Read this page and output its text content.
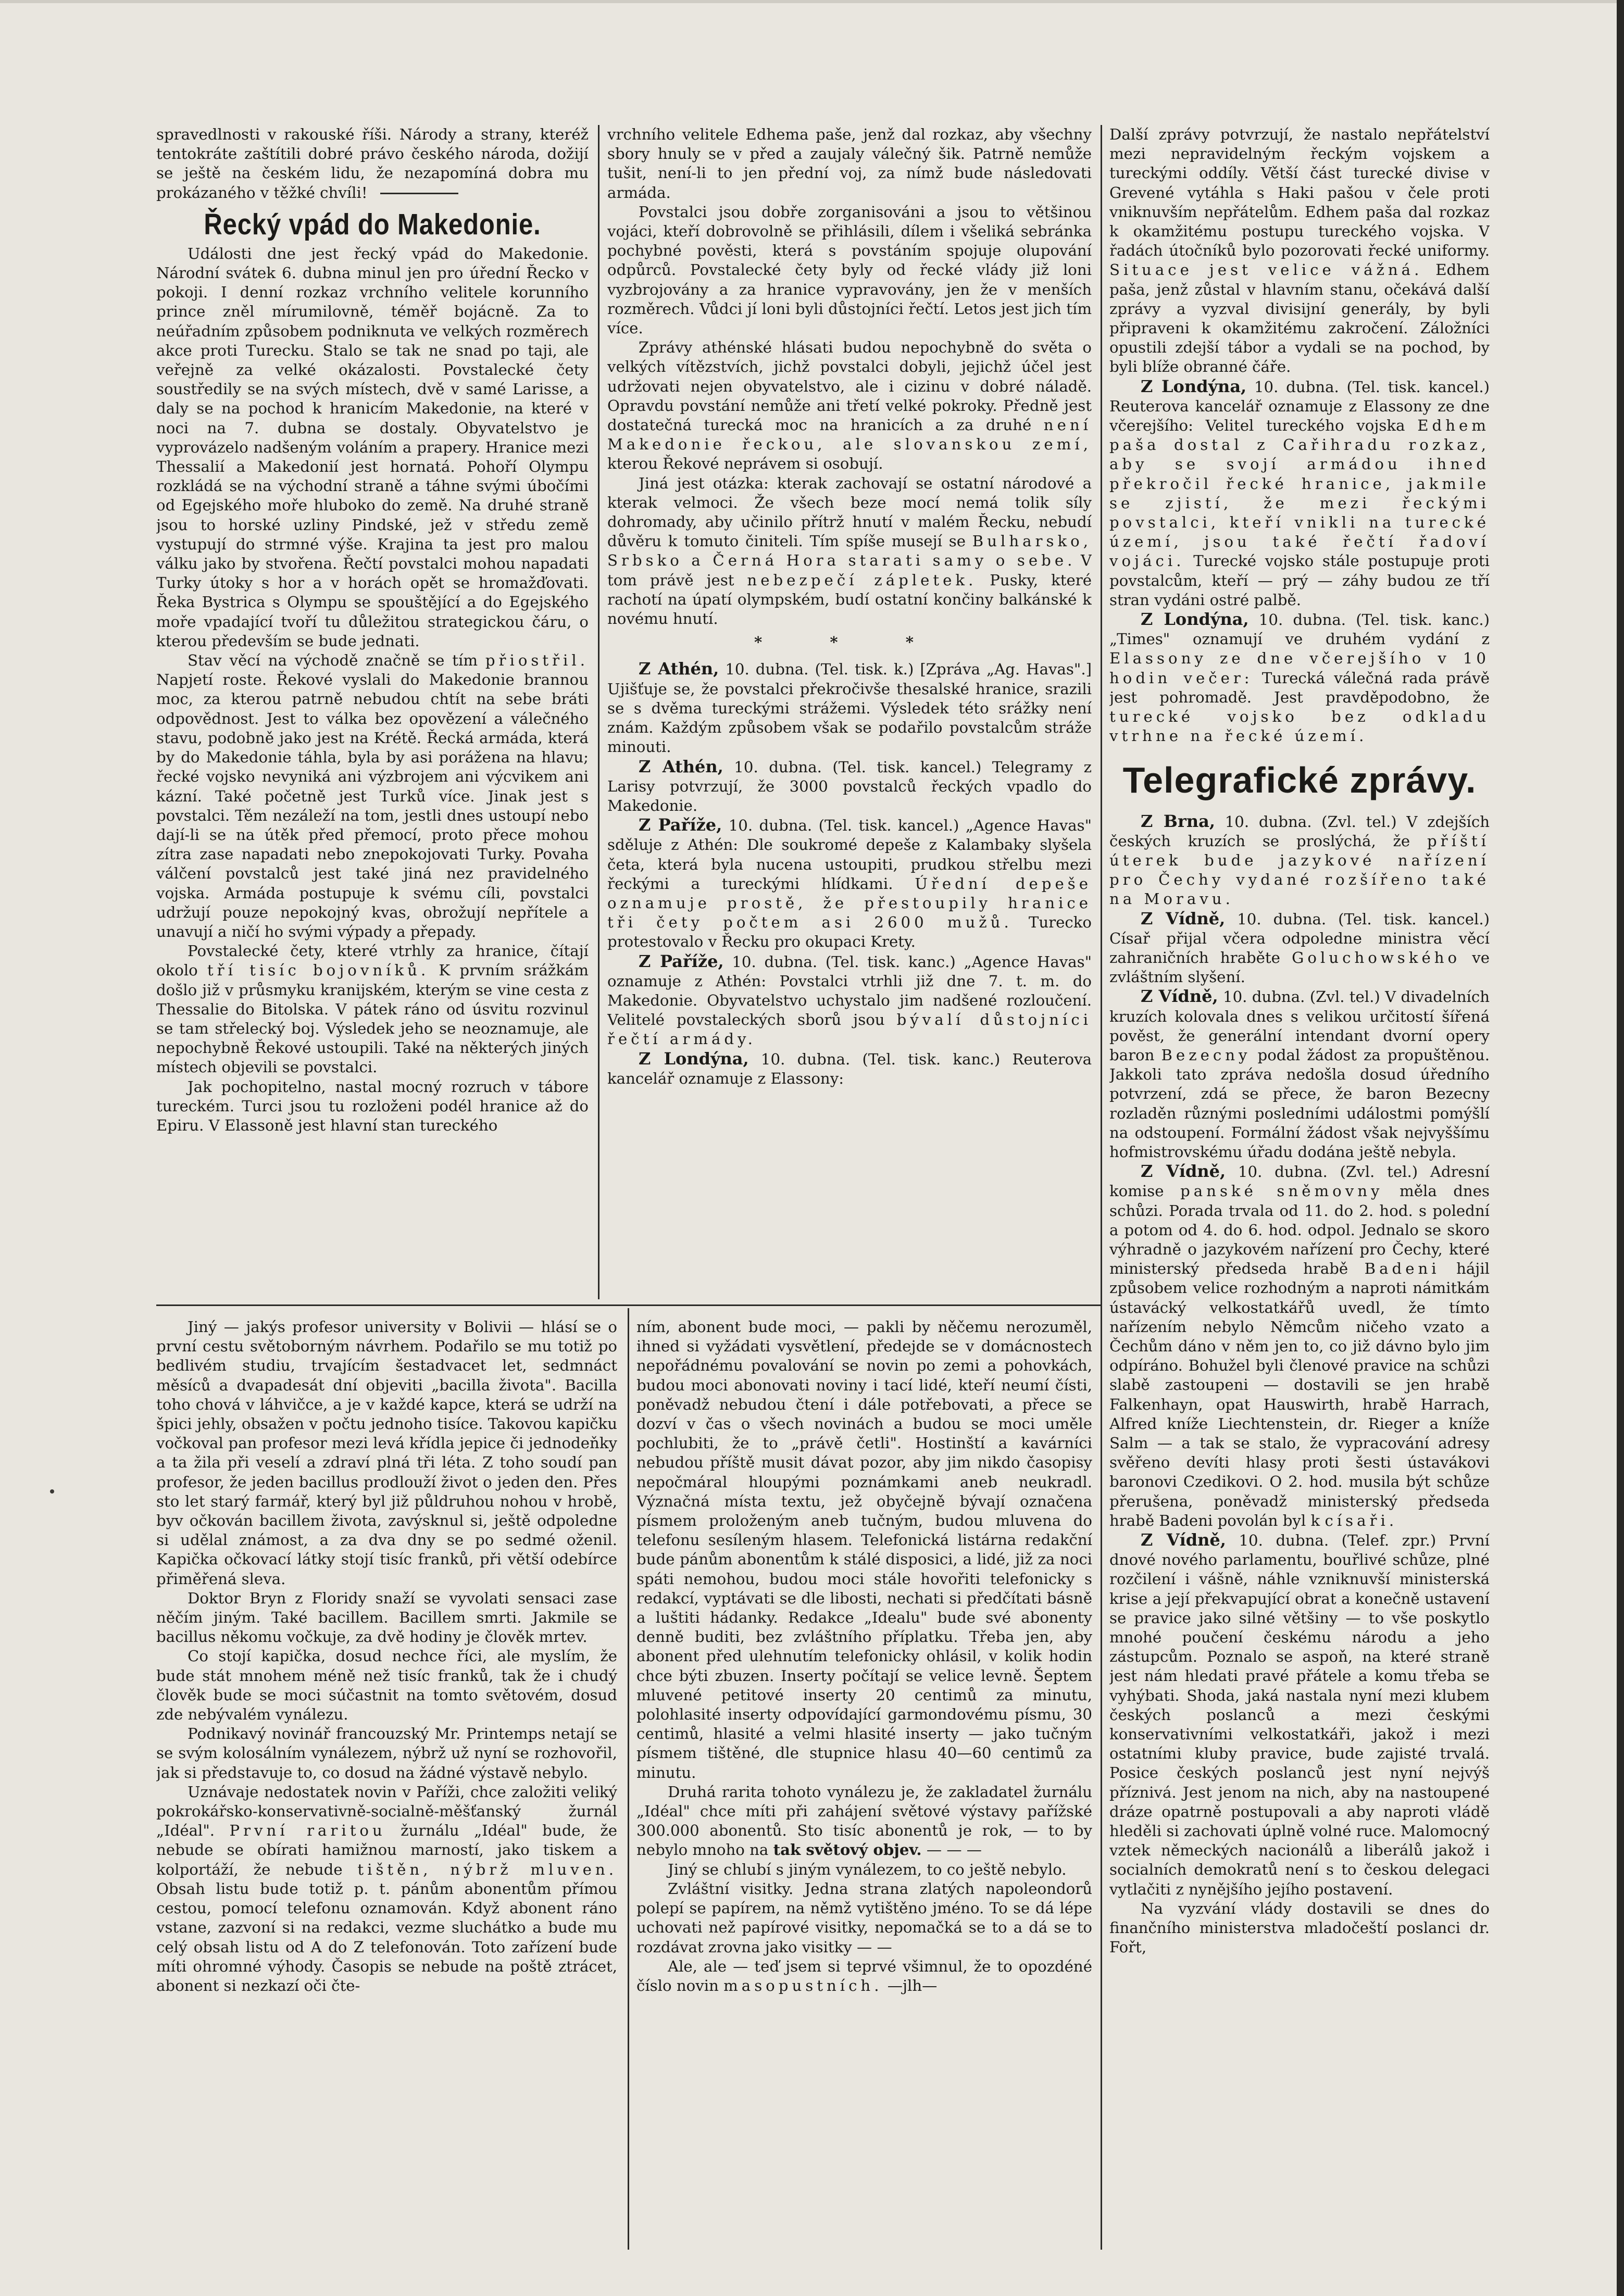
spravedlnosti v rakouské říši. Národy a strany, kteréž tentokráte zaštítili dobré právo českého národa, dožijí se ještě na českém lidu, že nezapomíná dobra mu prokázaného v těžké chvíli!

Řecký vpád do Makedonie.

Události dne jest řecký vpád do Makedonie. Národní svátek 6. dubna minul jen pro úřední Řecko v pokoji. I denní rozkaz vrchního velitele korunního prince zněl mírumilovně, téměř bojácně. Za to neúřadním způsobem podniknuta ve velkých rozměrech akce proti Turecku. Stalo se tak ne snad po taji, ale veřejně za velké okázalosti. Povstalecké čety soustředily se na svých místech, dvě v samé Larisse, a daly se na pochod k hranicím Makedonie, na které v noci na 7. dubna se dostaly. Obyvatelstvo je vyprovázelo nadšeným voláním a prapery. Hranice mezi Thessalií a Makedonií jest hornatá. Pohoří Olympu rozkládá se na východní straně a táhne svými úbočími od Egejského moře hluboko do země. Na druhé straně jsou to horské uzliny Pindské, jež v středu země vystupují do strmné výše. Krajina ta jest pro malou válku jako by stvořena. Řečtí povstalci mohou napadati Turky útoky s hor a v horách opět se hromažďovati. Řeka Bystrica s Olympu se spouštějící a do Egejského moře vpadající tvoří tu důležitou strategickou čáru, o kterou především se bude jednati.

Stav věcí na východě značně se tím přiostřil. Napjetí roste. Řekové vyslali do Makedonie brannou moc, za kterou patrně nebudou chtít na sebe bráti odpovědnost. Jest to válka bez opovězení a válečného stavu, podobně jako jest na Krétě. Řecká armáda, která by do Makedonie táhla, byla by asi porážena na hlavu; řecké vojsko nevyniká ani výzbrojem ani výcvikem ani kázní. Také početně jest Turků více. Jinak jest s povstalci. Těm nezáleží na tom, jestli dnes ustoupí nebo dají-li se na útěk před přemocí, proto přece mohou zítra zase napadati nebo znepokojovati Turky. Povaha válčení povstalců jest také jiná nez pravidelného vojska. Armáda postupuje k svému cíli, povstalci udržují pouze nepokojný kvas, obrožují nepřítele a unavují a ničí ho svými výpady a přepady.

Povstalecké čety, které vtrhly za hranice, čítají okolo tří tisíc bojovníků. K prvním srážkám došlo již v průsmyku kranijském, kterým se vine cesta z Thessalie do Bitolska. V pátek ráno od úsvitu rozvinul se tam střelecký boj. Výsledek jeho se neoznamuje, ale nepochybně Řekové ustoupili. Také na některých jiných místech objevili se povstalci.

Jak pochopitelno, nastal mocný rozruch v tábore tureckém. Turci jsou tu rozloženi podél hranice až do Epiru. V Elassoně jest hlavní stan tureckého

vrchního velitele Edhema paše, jenž dal rozkaz, aby všechny sbory hnuly se v před a zaujaly válečný šik. Patrně nemůže tušit, není-li to jen přední voj, za nímž bude následovati armáda.

Povstalci jsou dobře zorganisováni a jsou to většinou vojáci, kteří dobrovolně se přihlásili, dílem i všeliká sebránka pochybné pověsti, která s povstáním spojuje olupování odpůrců. Povstalecké čety byly od řecké vlády již loni vyzbrojovány a za hranice vypravovány, jen že v menších rozměrech. Vůdci jí loni byli důstojníci řečtí. Letos jest jich tím více.

Zprávy athénské hlásati budou nepochybně do světa o velkých vítězstvích, jichž povstalci dobyli, jejichž účel jest udržovati nejen obyvatelstvo, ale i cizinu v dobré náladě. Opravdu povstání nemůže ani třetí velké pokroky. Předně jest dostatečná turecká moc na hranicích a za druhé není Makedonie řeckou, ale slovanskou zemí, kterou Řekové neprávem si osobují.

Jiná jest otázka: kterak zachovají se ostatní národové a kterak velmoci. Že všech beze mocí nemá tolik síly dohromady, aby učinilo přítrž hnutí v malém Řecku, nebudí důvěru k tomuto činiteli. Tím spíše musejí se Bulharsko, Srbsko a Černá Hora starati samy o sebe. V tom právě jest nebezpečí zápletek. Pusky, které rachotí na úpatí olympském, budí ostatní končiny balkánské k novému hnutí.

* * *

Z Athén, 10. dubna. (Tel. tisk. k.) [Zpráva „Ag. Havas".] Ujišťuje se, že povstalci překročivše thesalské hranice, srazili se s dvěma tureckými strážemi. Výsledek této srážky není znám. Každým způsobem však se podařilo povstalcům stráže minouti.

Z Athén, 10. dubna. (Tel. tisk. kancel.) Telegramy z Larisy potvrzují, že 3000 povstalců řeckých vpadlo do Makedonie.

Z Paříže, 10. dubna. (Tel. tisk. kancel.) „Agence Havas" sděluje z Athén: Dle soukromé depeše z Kalambaky slyšela četa, která byla nucena ustoupiti, prudkou střelbu mezi řeckými a tureckými hlídkami. Úřední depeše oznamuje prostě, že přestoupily hranice tři čety počtem asi 2600 mužů. Turecko protestovalo v Řecku pro okupaci Krety.

Z Paříže, 10. dubna. (Tel. tisk. kanc.) „Agence Havas" oznamuje z Athén: Povstalci vtrhli již dne 7. t. m. do Makedonie. Obyvatelstvo uchystalo jim nadšené rozloučení. Velitelé povstaleckých sborů jsou bývalí důstojníci řečtí armády.

Z Londýna, 10. dubna. (Tel. tisk. kanc.) Reuterova kancelář oznamuje z Elassony:

Další zprávy potvrzují, že nastalo nepřátelství mezi nepravidelným řeckým vojskem a tureckými oddíly. Větší část turecké divise v Grevené vytáhla s Haki pašou v čele proti vniknuvším nepřátelům. Edhem paša dal rozkaz k okamžitému postupu tureckého vojska. V řadách útočníků bylo pozorovati řecké uniformy. Situace jest velice vážná. Edhem paša, jenž zůstal v hlavním stanu, očekává další zprávy a vyzval divisijní generály, by byli připraveni k okamžitému zakročení. Záložníci opustili zdejší tábor a vydali se na pochod, by byli blíže obranné čáře.

Z Londýna, 10. dubna. (Tel. tisk. kancel.) Reuterova kancelář oznamuje z Elassony ze dne včerejšího: Velitel tureckého vojska Edhem paša dostal z Cařihradu rozkaz, aby se svojí armádou ihned překročil řecké hranice, jakmile se zjistí, že mezi řeckými povstalci, kteří vnikli na turecké území, jsou také řečtí řadoví vojáci. Turecké vojsko stále postupuje proti povstalcům, kteří — prý — záhy budou ze tří stran vydáni ostré palbě.

Z Londýna, 10. dubna. (Tel. tisk. kanc.) „Times" oznamují ve druhém vydání z Elassony ze dne včerejšího v 10 hodin večer: Turecká válečná rada právě jest pohromadě. Jest pravděpodobno, že turecké vojsko bez odkladu vtrhne na řecké území.

Telegrafické zprávy.

Z Brna, 10. dubna. (Zvl. tel.) V zdejších českých kruzích se proslýchá, že příští úterek bude jazykové nařízení pro Čechy vydané rozšířeno také na Moravu.

Z Vídně, 10. dubna. (Tel. tisk. kancel.) Císař přijal včera odpoledne ministra věcí zahraničních hraběte Goluchowského ve zvláštním slyšení.

Z Vídně, 10. dubna. (Zvl. tel.) V divadelních kruzích kolovala dnes s velikou určitostí šířená pověst, že generální intendant dvorní opery baron Bezecny podal žádost za propuštěnou. Jakkoli tato zpráva nedošla dosud úředního potvrzení, zdá se přece, že baron Bezecny rozladěn různými posledními událostmi pomýšlí na odstoupení. Formální žádost však nejvyššímu hofmistrovskému úřadu dodána ještě nebyla.

Z Vídně, 10. dubna. (Zvl. tel.) Adresní komise panské sněmovny měla dnes schůzi. Porada trvala od 11. do 2. hod. s polední a potom od 4. do 6. hod. odpol. Jednalo se skoro výhradně o jazykovém nařízení pro Čechy, které ministerský předseda hrabě Badeni hájil způsobem velice rozhodným a naproti námitkám ústavácký velkostatkářů uvedl, že tímto nařízením nebylo Němcům ničeho vzato a Čechům dáno v něm jen to, co již dávno bylo jim odpíráno. Bohužel byli členové pravice na schůzi slabě zastoupeni — dostavili se jen hrabě Falkenhayn, opat Hauswirth, hrabě Harrach, Alfred kníže Liechtenstein, dr. Rieger a kníže Salm — a tak se stalo, že vypracování adresy svěřeno devíti hlasy proti šesti ústavákovi baronovi Czedikovi. O 2. hod. musila být schůze přerušena, poněvadž ministerský předseda hrabě Badeni povolán byl k císaři.

Z Vídně, 10. dubna. (Telef. zpr.) První dnové nového parlamentu, bouřlivé schůze, plné rozčilení i vášně, náhle vzniknuvší ministerská krise a její překvapující obrat a konečně ustavení se pravice jako silné většiny — to vše poskytlo mnohé poučení českému národu a jeho zástupcům. Poznalo se aspoň, na které straně jest nám hledati pravé přátele a komu třeba se vyhýbati. Shoda, jaká nastala nyní mezi klubem českých poslanců a mezi českými konservativními velkostatkáři, jakož i mezi ostatními kluby pravice, bude zajisté trvalá. Posice českých poslanců jest nyní nejvýš příznivá. Jest jenom na nich, aby na nastoupené dráze opatrně postupovali a aby naproti vládě hleděli si zachovati úplně volné ruce. Malomocný vztek německých nacionálů a liberálů jakož i socialních demokratů není s to českou delegaci vytlačiti z nynějšího jejího postavení.

Na vyzvání vlády dostavili se dnes do finančního ministerstva mladočeští poslanci dr. Fořt,

Jiný — jakýs profesor university v Bolivii — hlásí se o první cestu světoborným návrhem. Podařilo se mu totiž po bedlivém studiu, trvajícím šestadvacet let, sedmnáct měsíců a dvapadesát dní objeviti „bacilla života". Bacilla toho chová v láhvičce, a je v každé kapce, která se udrží na špici jehly, obsažen v počtu jednoho tisíce. Takovou kapičku vočkoval pan profesor mezi levá křídla jepice či jednodeňky a ta žila při veselí a zdraví plná tři léta. Z toho soudí pan profesor, že jeden bacillus prodlouží život o jeden den. Přes sto let starý farmář, který byl již půldruhou nohou v hrobě, byv očkován bacillem života, zavýsknul si, ještě odpoledne si udělal známost, a za dva dny se po sedmé oženil. Kapička očkovací látky stojí tisíc franků, při větší odebírce přiměřená sleva.

Doktor Bryn z Floridy snaží se vyvolati sensaci zase něčím jiným. Také bacillem. Bacillem smrti. Jakmile se bacillus někomu vočkuje, za dvě hodiny je člověk mrtev.

Co stojí kapička, dosud nechce říci, ale myslím, že bude stát mnohem méně než tisíc franků, tak že i chudý člověk bude se moci súčastnit na tomto světovém, dosud zde nebývalém vynálezu.

Podnikavý novinář francouzský Mr. Printemps netají se se svým kolosálním vynálezem, nýbrž už nyní se rozhovořil, jak si představuje to, co dosud na žádné výstavě nebylo.

Uznávaje nedostatek novin v Paříži, chce založiti veliký pokrokářsko-konservativně-socialně-měšťanský žurnál „Idéal". První raritou žurnálu „Idéal" bude, že nebude se obírati hamižnou marností, jako tiskem a kolportáží, že nebude tištěn, nýbrž mluven. Obsah listu bude totiž p. t. pánům abonentům přímou cestou, pomocí telefonu oznamován. Když abonent ráno vstane, zazvoní si na redakci, vezme sluchátko a bude mu celý obsah listu od A do Z telefonován. Toto zařízení bude míti ohromné výhody. Časopis se nebude na poště ztrácet, abonent si nezkazí oči čte-

ním, abonent bude moci, — pakli by něčemu nerozuměl, ihned si vyžádati vysvětlení, předejde se v domácnostech nepořádnému povalování se novin po zemi a pohovkách, budou moci abonovati noviny i tací lidé, kteří neumí čísti, poněvadž nebudou čtení i dále potřebovati, a přece se dozví v čas o všech novinách a budou se moci uměle pochlubiti, že to „právě četli". Hostinští a kavárníci nebudou příště musit dávat pozor, aby jim nikdo časopisy nepočmáral hloupými poznámkami aneb neukradl. Význačná místa textu, jež obyčejně bývají označena písmem proloženým aneb tučným, budou mluvena do telefonu sesíleným hlasem. Telefonická listárna redakční bude pánům abonentům k stálé disposici, a lidé, již za noci spáti nemohou, budou moci stále hovořiti telefonicky s redakcí, vyptávati se dle libosti, nechati si předčítati básně a luštiti hádanky. Redakce „Idealu" bude své abonenty denně buditi, bez zvláštního příplatku. Třeba jen, aby abonent před ulehnutím telefonicky ohlásil, v kolik hodin chce býti zbuzen. Inserty počítají se velice levně. Šeptem mluvené petitové inserty 20 centimů za minutu, polohlasité inserty odpovídající garmondovému písmu, 30 centimů, hlasité a velmi hlasité inserty — jako tučným písmem tištěné, dle stupnice hlasu 40—60 centimů za minutu.

Druhá rarita tohoto vynálezu je, že zakladatel žurnálu „Idéal" chce míti při zahájení světové výstavy pařížské 300.000 abonentů. Sto tisíc abonentů je rok, — to by nebylo mnoho na tak světový objev. — — —

Jiný se chlubí s jiným vynálezem, to co ještě nebylo.

Zvláštní visitky. Jedna strana zlatých napoleondorů polepí se papírem, na němž vytištěno jméno. To se dá lépe uchovati než papírové visitky, nepomačká se to a dá se to rozdávat zrovna jako visitky — —

Ale, ale — teď jsem si teprvé všimnul, že to opozdéné číslo novin masopustních. —jlh—
